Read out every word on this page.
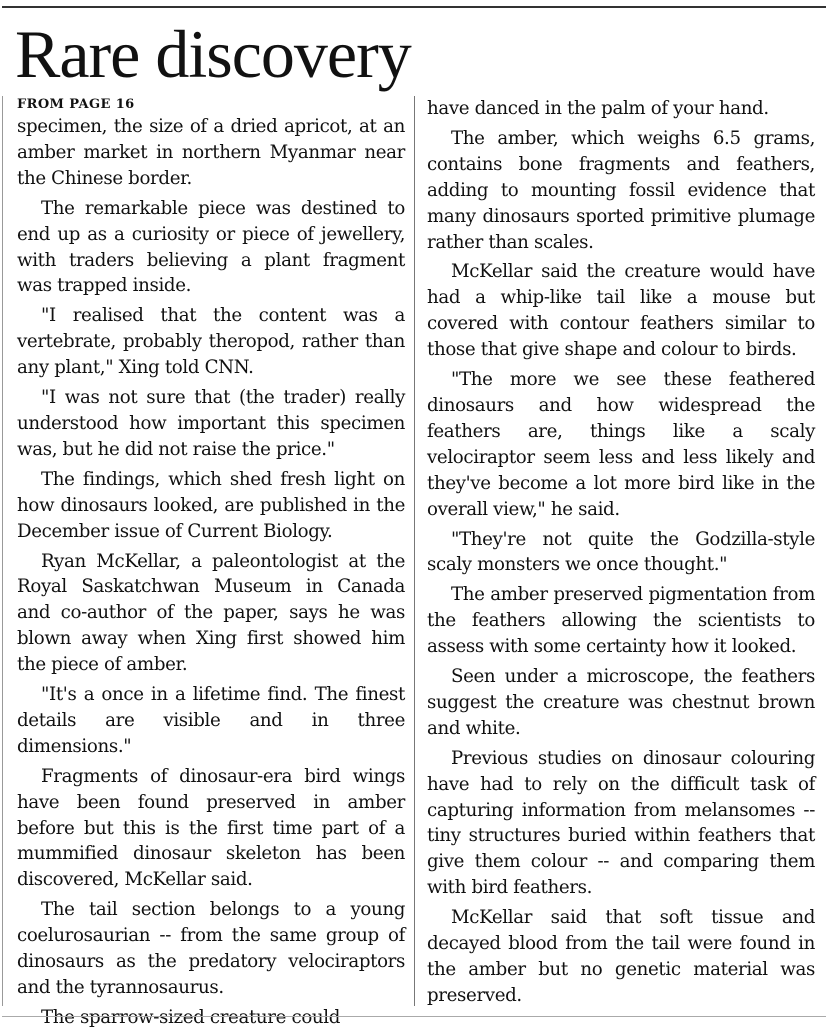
Rare discovery
FROM PAGE 16

specimen, the size of a dried apricot, at an amber market in northern Myanmar near the Chinese border.

The remarkable piece was destined to end up as a curiosity or piece of jewellery, with traders believing a plant fragment was trapped inside.

"I realised that the content was a vertebrate, probably theropod, rather than any plant," Xing told CNN.

"I was not sure that (the trader) really understood how important this specimen was, but he did not raise the price."

The findings, which shed fresh light on how dinosaurs looked, are published in the December issue of Current Biology.

Ryan McKellar, a paleontologist at the Royal Saskatchwan Museum in Canada and co-author of the paper, says he was blown away when Xing first showed him the piece of amber.

"It's a once in a lifetime find. The finest details are visible and in three dimensions."

Fragments of dinosaur-era bird wings have been found preserved in amber before but this is the first time part of a mummified dinosaur skeleton has been discovered, McKellar said.

The tail section belongs to a young coelurosaurian -- from the same group of dinosaurs as the predatory velociraptors and the tyrannosaurus.

The sparrow-sized creature could

have danced in the palm of your hand.

The amber, which weighs 6.5 grams, contains bone fragments and feathers, adding to mounting fossil evidence that many dinosaurs sported primitive plumage rather than scales.

McKellar said the creature would have had a whip-like tail like a mouse but covered with contour feathers similar to those that give shape and colour to birds.

"The more we see these feathered dinosaurs and how widespread the feathers are, things like a scaly velociraptor seem less and less likely and they've become a lot more bird like in the overall view," he said.

"They're not quite the Godzilla-style scaly monsters we once thought."

The amber preserved pigmentation from the feathers allowing the scientists to assess with some certainty how it looked.

Seen under a microscope, the feathers suggest the creature was chestnut brown and white.

Previous studies on dinosaur colouring have had to rely on the difficult task of capturing information from melansomes -- tiny structures buried within feathers that give them colour -- and comparing them with bird feathers.

McKellar said that soft tissue and decayed blood from the tail were found in the amber but no genetic material was preserved.
